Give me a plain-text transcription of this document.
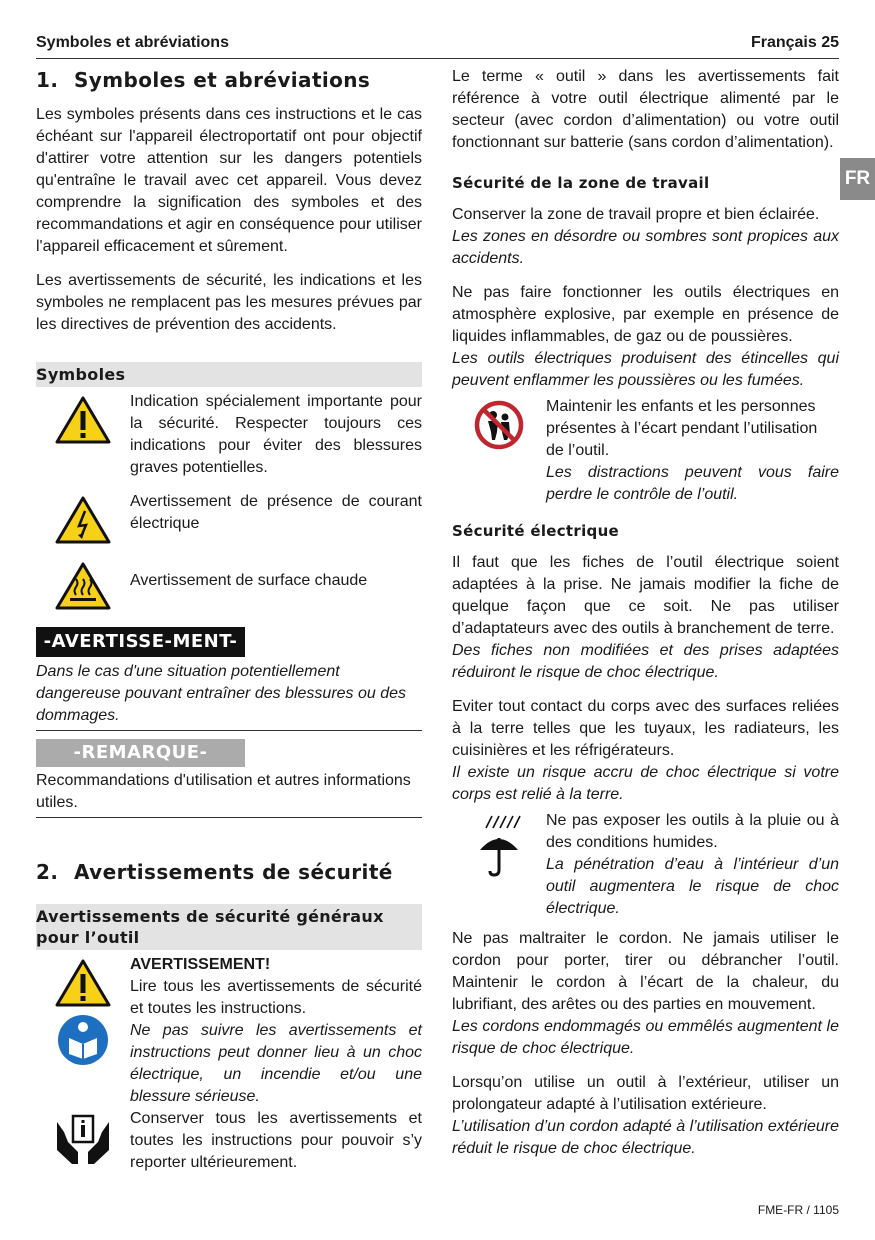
Symboles et abréviations	Français 25
FR
1. Symboles et abréviations

Les symboles présents dans ces instructions et le cas échéant sur l'appareil électroportatif ont pour objectif d'attirer votre attention sur les dangers potentiels qu'entraîne le travail avec cet appareil. Vous devez comprendre la signification des symboles et des recommandations et agir en conséquence pour utiliser l'appareil efficacement et sûrement.

Les avertissements de sécurité, les indications et les symboles ne remplacent pas les mesures prévues par les directives de prévention des accidents.

Symboles
Indication spécialement importante pour la sécurité. Respecter toujours ces indications pour éviter des blessures graves potentielles.
Avertissement de présence de courant électrique
Avertissement de surface chaude
-AVERTISSE-MENT-
Dans le cas d'une situation potentiellement dangereuse pouvant entraîner des blessures ou des dommages.
-REMARQUE-
Recommandations d'utilisation et autres informations utiles.
2. Avertissements de sécurité
Avertissements de sécurité généraux pour l’outil
AVERTISSEMENT!
Lire tous les avertissements de sécurité et toutes les instructions.
Ne pas suivre les avertissements et instructions peut donner lieu à un choc électrique, un incendie et/ou une blessure sérieuse.
Conserver tous les avertissements et toutes les instructions pour pouvoir s’y reporter ultérieurement.

Le terme « outil » dans les avertissements fait référence à votre outil électrique alimenté par le secteur (avec cordon d’alimentation) ou votre outil fonctionnant sur batterie (sans cordon d’alimentation).

Sécurité de la zone de travail
Conserver la zone de travail propre et bien éclairée.

Les zones en désordre ou sombres sont propices aux accidents.

Ne pas faire fonctionner les outils électriques en atmosphère explosive, par exemple en présence de liquides inflammables, de gaz ou de poussières.

Les outils électriques produisent des étincelles qui peuvent enflammer les poussières ou les fumées.

Maintenir les enfants et les personnes présentes à l’écart pendant l’utilisation de l’outil.
Les distractions peuvent vous faire perdre le contrôle de l’outil.
Sécurité électrique
Il faut que les fiches de l’outil électrique soient adaptées à la prise. Ne jamais modifier la fiche de quelque façon que ce soit. Ne pas utiliser d’adaptateurs avec des outils à branchement de terre.

Des fiches non modifiées et des prises adaptées réduiront le risque de choc électrique.

Eviter tout contact du corps avec des surfaces reliées à la terre telles que les tuyaux, les radiateurs, les cuisinières et les réfrigérateurs.

Il existe un risque accru de choc électrique si votre corps est relié à la terre.

Ne pas exposer les outils à la pluie ou à des conditions humides.
La pénétration d’eau à l’intérieur d’un outil augmentera le risque de choc électrique.
Ne pas maltraiter le cordon. Ne jamais utiliser le cordon pour porter, tirer ou débrancher l’outil. Maintenir le cordon à l’écart de la chaleur, du lubrifiant, des arêtes ou des parties en mouvement.

Les cordons endommagés ou emmêlés augmentent le risque de choc électrique.

Lorsqu’on utilise un outil à l’extérieur, utiliser un prolongateur adapté à l’utilisation extérieure.

L’utilisation d’un cordon adapté à l’utilisation extérieure réduit le risque de choc électrique.

FME-FR / 1105
